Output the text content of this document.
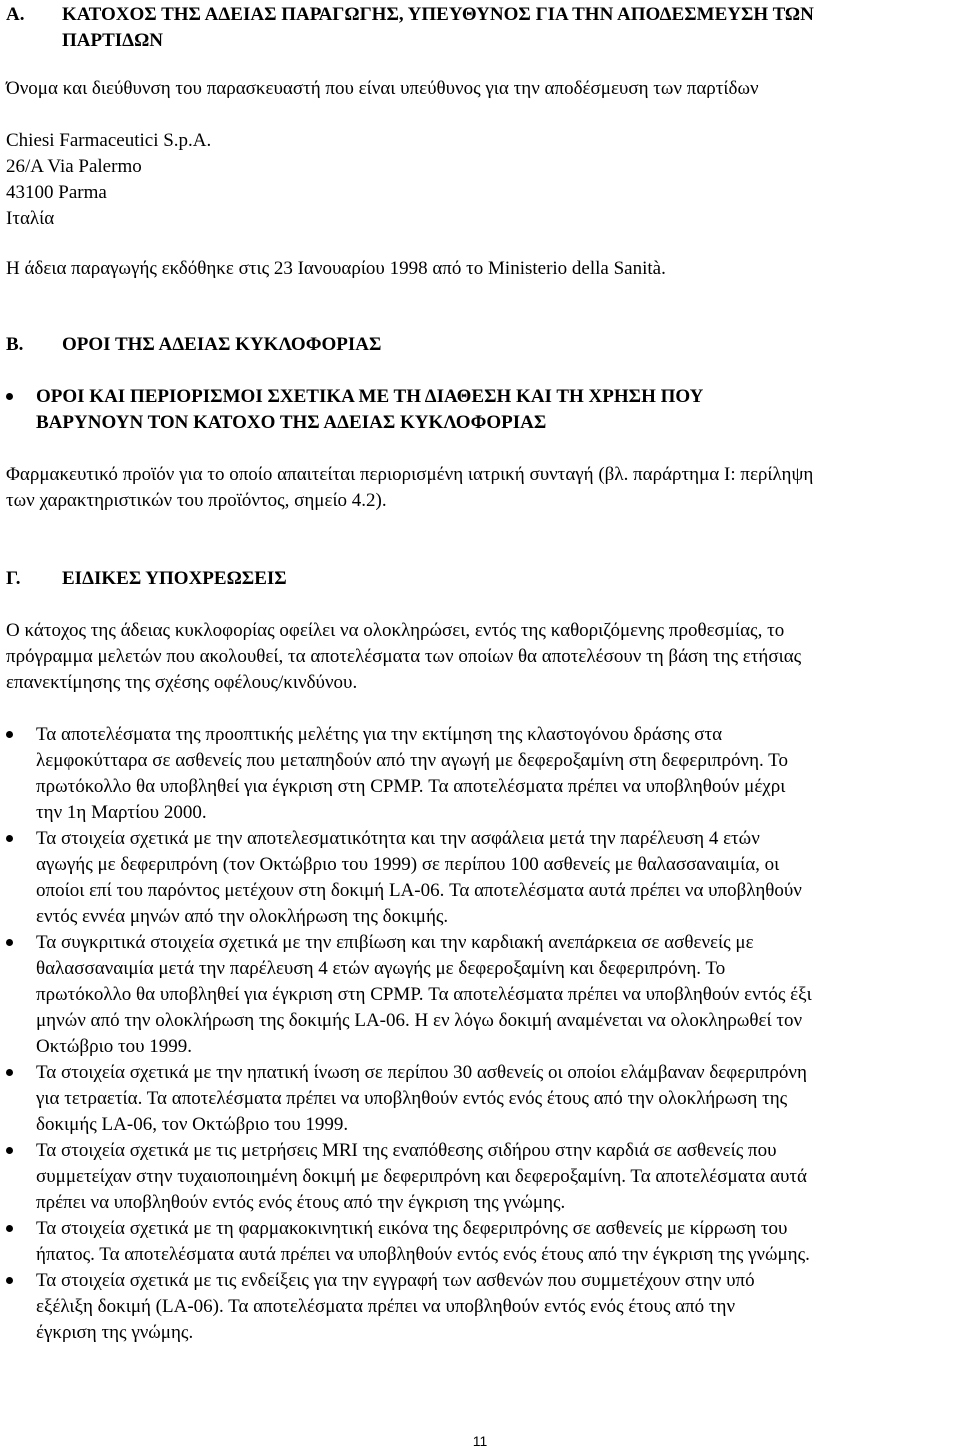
Α. ΚΑΤΟΧΟΣ ΤΗΣ ΑΔΕΙΑΣ ΠΑΡΑΓΩΓΗΣ, ΥΠΕΥΘΥΝΟΣ ΓΙΑ ΤΗΝ ΑΠΟΔΕΣΜΕΥΣΗ ΤΩΝ
ΠΑΡΤΙΔΩΝ
Όνομα και διεύθυνση του παρασκευαστή που είναι υπεύθυνος για την αποδέσμευση των παρτίδων
Chiesi Farmaceutici S.p.A.
26/A Via Palermo
43100 Parma
Ιταλία
Η άδεια παραγωγής εκδόθηκε στις 23 Ιανουαρίου 1998 από το Ministerio della Sanità.
Β. ΟΡΟΙ ΤΗΣ ΑΔΕΙΑΣ ΚΥΚΛΟΦΟΡΙΑΣ
ΟΡΟΙ ΚΑΙ ΠΕΡΙΟΡΙΣΜΟΙ ΣΧΕΤΙΚΑ ΜΕ ΤΗ ΔΙΑΘΕΣΗ ΚΑΙ ΤΗ ΧΡΗΣΗ ΠΟΥ
ΒΑΡΥΝΟΥΝ ΤΟΝ ΚΑΤΟΧΟ ΤΗΣ ΑΔΕΙΑΣ ΚΥΚΛΟΦΟΡΙΑΣ
Φαρμακευτικό προϊόν για το οποίο απαιτείται περιορισμένη ιατρική συνταγή (βλ. παράρτημα Ι: περίληψη
των χαρακτηριστικών του προϊόντος, σημείο 4.2).
Γ. ΕΙΔΙΚΕΣ ΥΠΟΧΡΕΩΣΕΙΣ
Ο κάτοχος της άδειας κυκλοφορίας οφείλει να ολοκληρώσει, εντός της καθοριζόμενης προθεσμίας, το
πρόγραμμα μελετών που ακολουθεί, τα αποτελέσματα των οποίων θα αποτελέσουν τη βάση της ετήσιας
επανεκτίμησης της σχέσης οφέλους/κινδύνου.
Τα αποτελέσματα της προοπτικής μελέτης για την εκτίμηση της κλαστογόνου δράσης στα
λεμφοκύτταρα σε ασθενείς που μεταπηδούν από την αγωγή με δεφεροξαμίνη στη δεφεριπρόνη. Το
πρωτόκολλο θα υποβληθεί για έγκριση στη CPMP. Τα αποτελέσματα πρέπει να υποβληθούν μέχρι
την 1η Μαρτίου 2000.
Τα στοιχεία σχετικά με την αποτελεσματικότητα και την ασφάλεια μετά την παρέλευση 4 ετών
αγωγής με δεφεριπρόνη (τον Οκτώβριο του 1999) σε περίπου 100 ασθενείς με θαλασσαναιμία, οι
οποίοι επί του παρόντος μετέχουν στη δοκιμή LA-06. Τα αποτελέσματα αυτά πρέπει να υποβληθούν
εντός εννέα μηνών από την ολοκλήρωση της δοκιμής.
Τα συγκριτικά στοιχεία σχετικά με την επιβίωση και την καρδιακή ανεπάρκεια σε ασθενείς με
θαλασσαναιμία μετά την παρέλευση 4 ετών αγωγής με δεφεροξαμίνη και δεφεριπρόνη. Το
πρωτόκολλο θα υποβληθεί για έγκριση στη CPMP. Τα αποτελέσματα πρέπει να υποβληθούν εντός έξι
μηνών από την ολοκλήρωση της δοκιμής LA-06. Η εν λόγω δοκιμή αναμένεται να ολοκληρωθεί τον
Οκτώβριο του 1999.
Τα στοιχεία σχετικά με την ηπατική ίνωση σε περίπου 30 ασθενείς οι οποίοι ελάμβαναν δεφεριπρόνη
για τετραετία. Τα αποτελέσματα πρέπει να υποβληθούν εντός ενός έτους από την ολοκλήρωση της
δοκιμής LA-06, τον Οκτώβριο του 1999.
Τα στοιχεία σχετικά με τις μετρήσεις MRI της εναπόθεσης σιδήρου στην καρδιά σε ασθενείς που
συμμετείχαν στην τυχαιοποιημένη δοκιμή με δεφεριπρόνη και δεφεροξαμίνη. Τα αποτελέσματα αυτά
πρέπει να υποβληθούν εντός ενός έτους από την έγκριση της γνώμης.
Τα στοιχεία σχετικά με τη φαρμακοκινητική εικόνα της δεφεριπρόνης σε ασθενείς με κίρρωση του
ήπατος. Τα αποτελέσματα αυτά πρέπει να υποβληθούν εντός ενός έτους από την έγκριση της γνώμης.
Τα στοιχεία σχετικά με τις ενδείξεις για την εγγραφή των ασθενών που συμμετέχουν στην υπό
εξέλιξη δοκιμή (LA-06). Τα αποτελέσματα πρέπει να υποβληθούν εντός ενός έτους από την
έγκριση της γνώμης.
11
